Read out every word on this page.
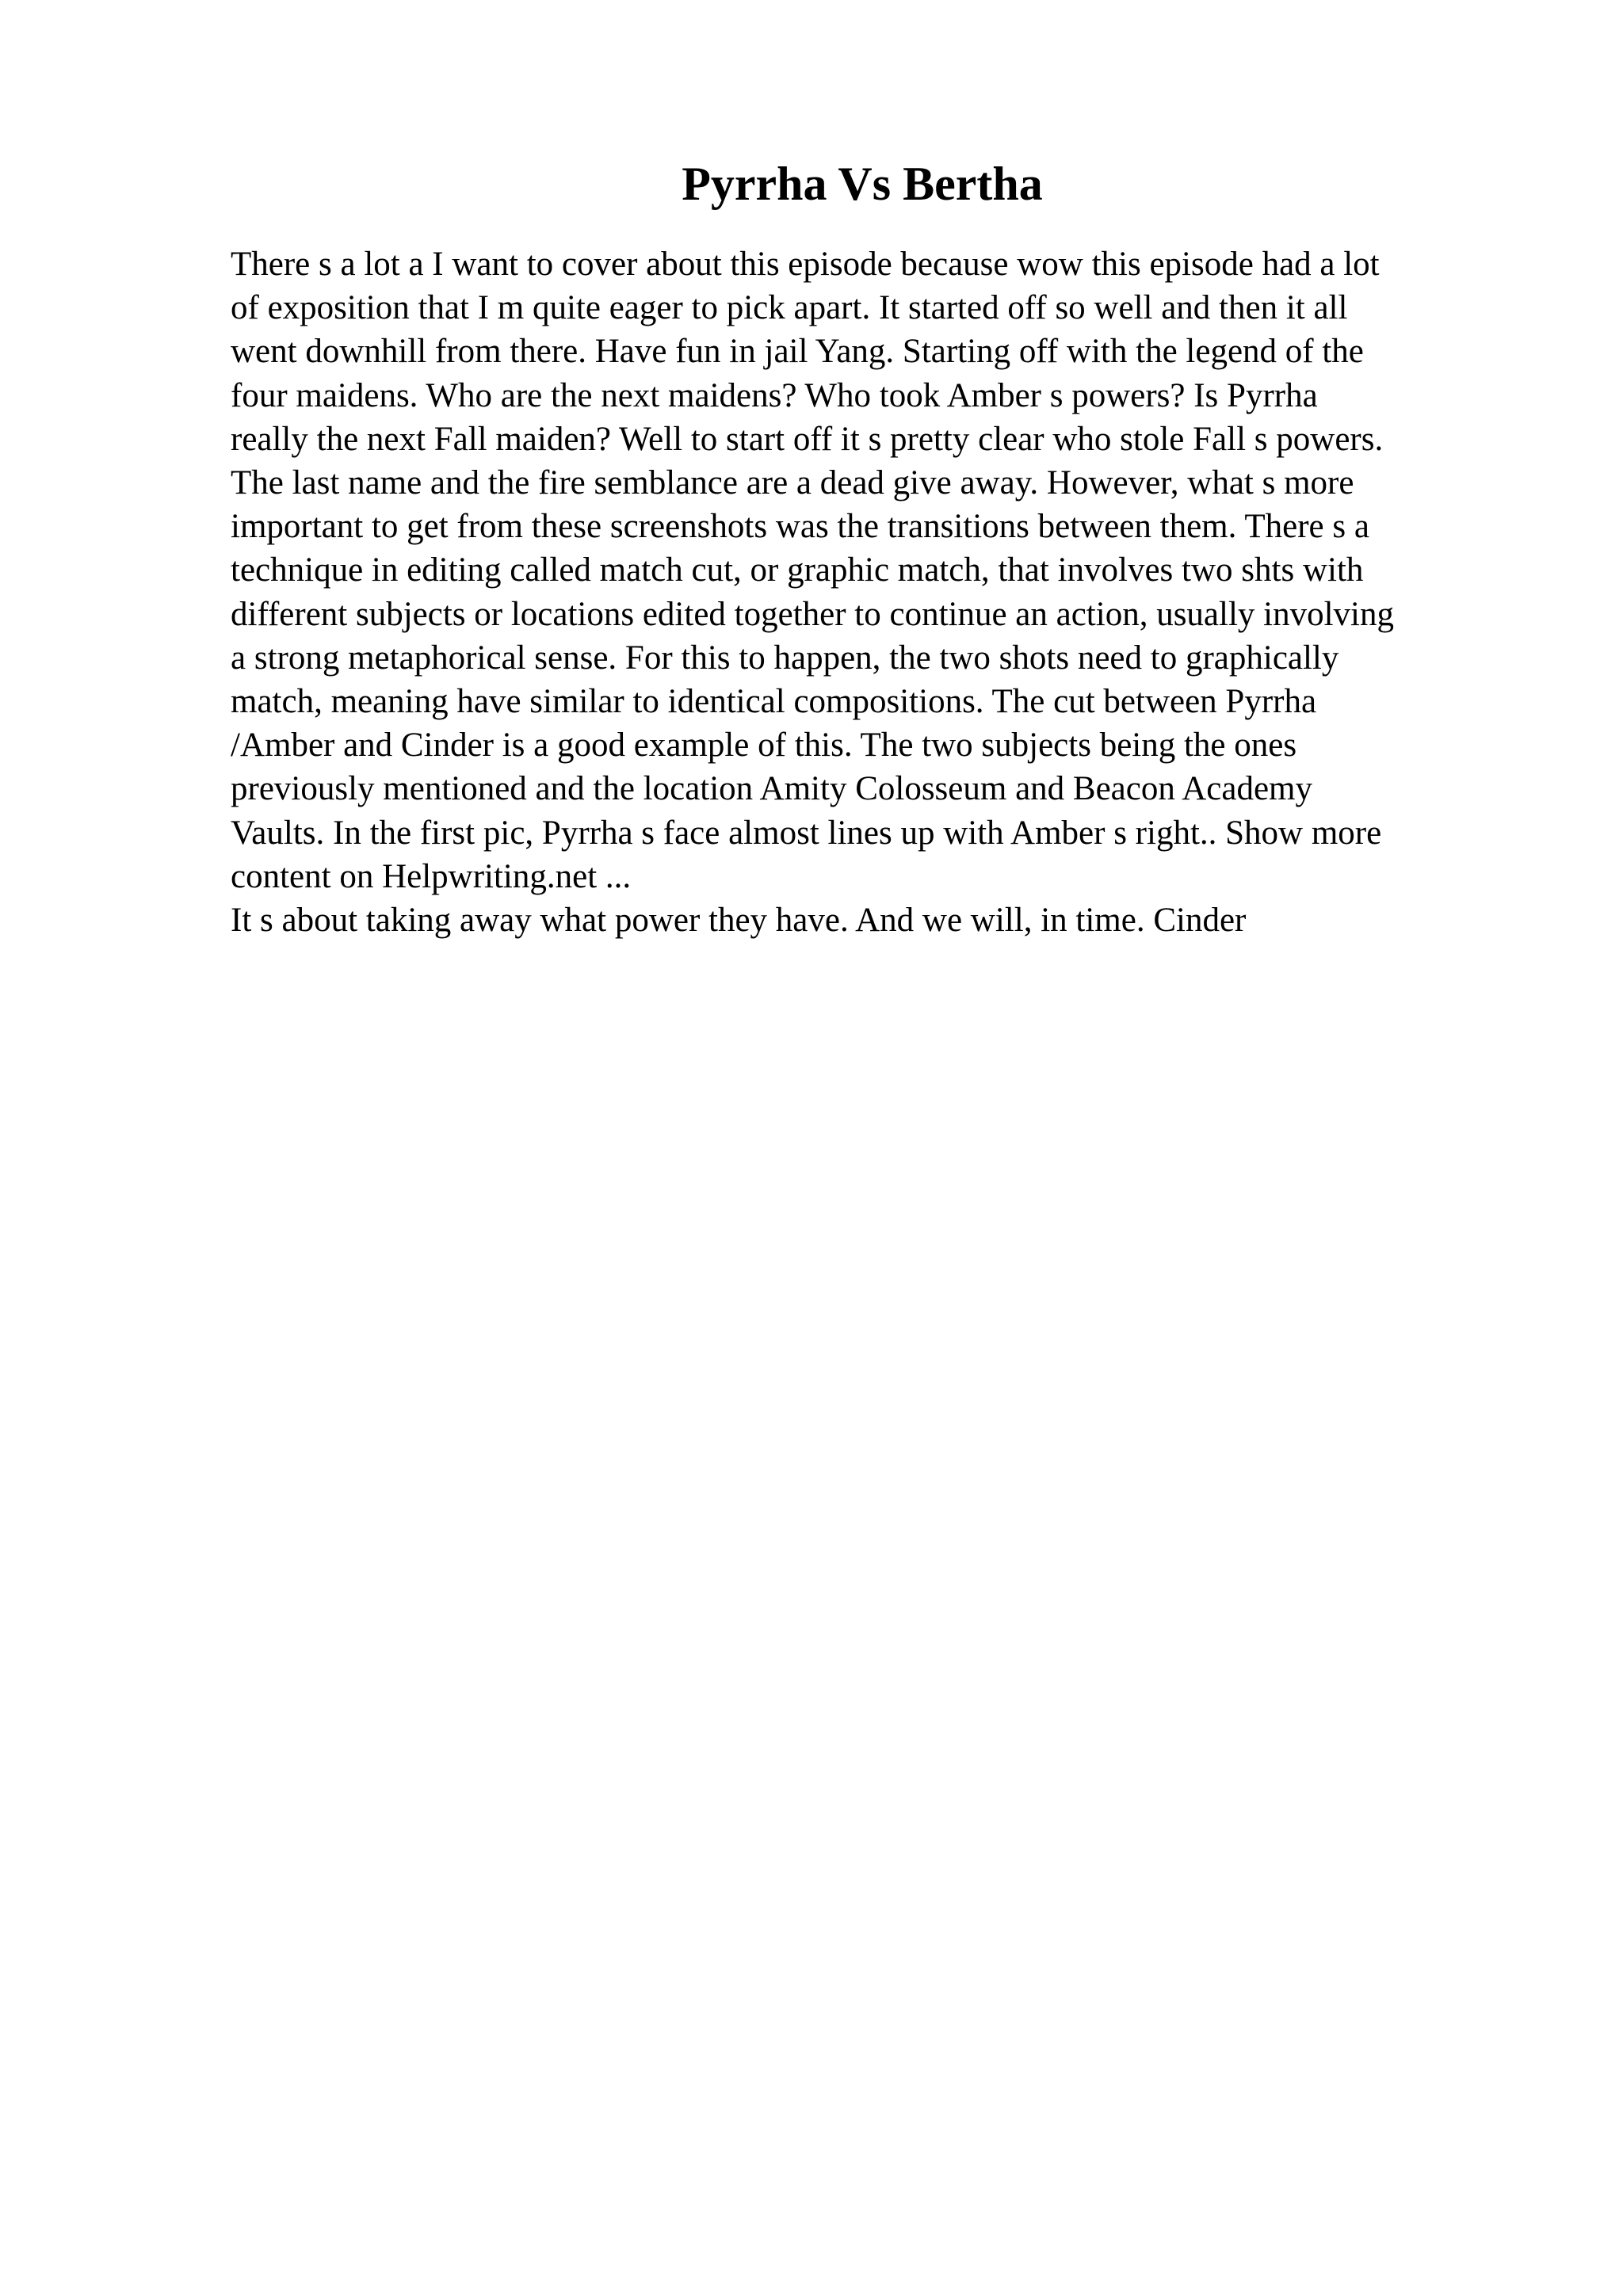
Pyrrha Vs Bertha
There s a lot a I want to cover about this episode because wow this episode had a lot
of exposition that I m quite eager to pick apart. It started off so well and then it all
went downhill from there. Have fun in jail Yang. Starting off with the legend of the
four maidens. Who are the next maidens? Who took Amber s powers? Is Pyrrha
really the next Fall maiden? Well to start off it s pretty clear who stole Fall s powers.
The last name and the fire semblance are a dead give away. However, what s more
important to get from these screenshots was the transitions between them. There s a
technique in editing called match cut, or graphic match, that involves two shts with
different subjects or locations edited together to continue an action, usually involving
a strong metaphorical sense. For this to happen, the two shots need to graphically
match, meaning have similar to identical compositions. The cut between Pyrrha
/Amber and Cinder is a good example of this. The two subjects being the ones
previously mentioned and the location Amity Colosseum and Beacon Academy
Vaults. In the first pic, Pyrrha s face almost lines up with Amber s right.. Show more
content on Helpwriting.net ...
It s about taking away what power they have. And we will, in time. Cinder
